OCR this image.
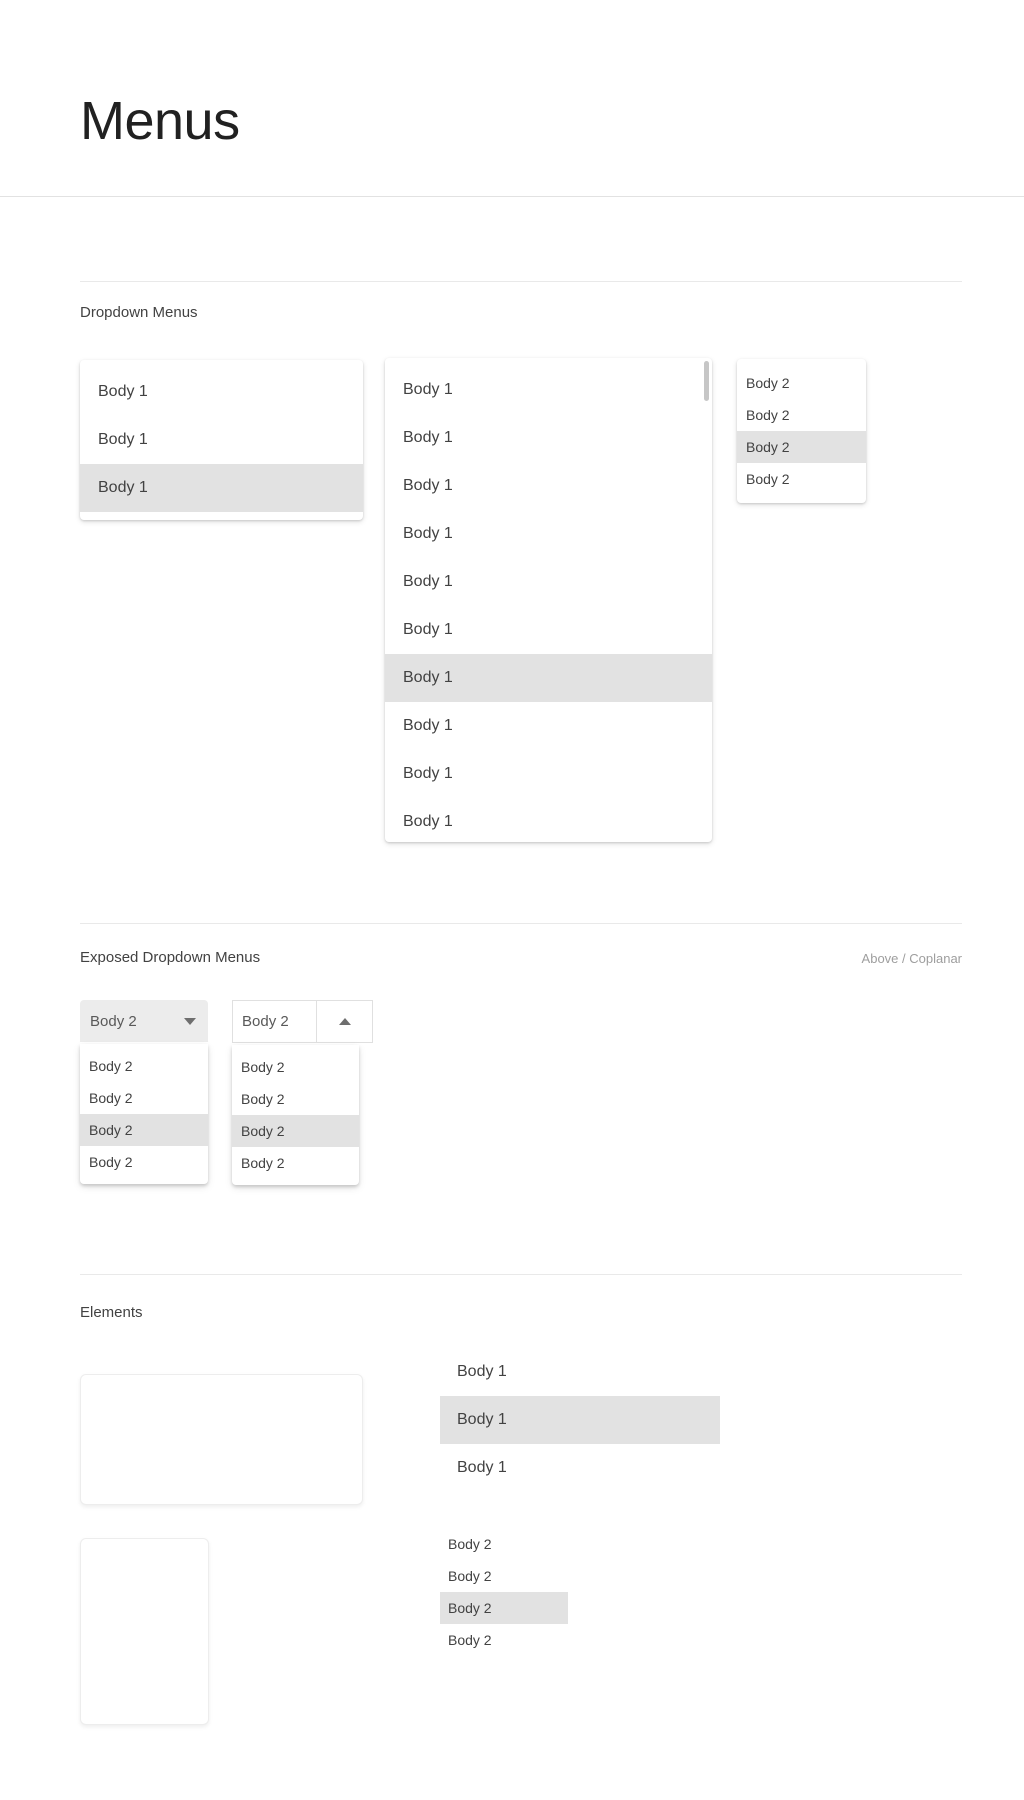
Menus
Dropdown Menus
Body 1
Body 1
Body 1
Body 1
Body 1
Body 1
Body 1
Body 1
Body 1
Body 1
Body 1
Body 1
Body 1
Body 2
Body 2
Body 2
Body 2
Exposed Dropdown Menus	Above / Coplanar
Body 2
Body 2
Body 2
Body 2
Body 2
Body 2
Body 2
Body 2
Body 2
Body 2
Elements
Body 1
Body 1
Body 1
Body 2
Body 2
Body 2
Body 2
